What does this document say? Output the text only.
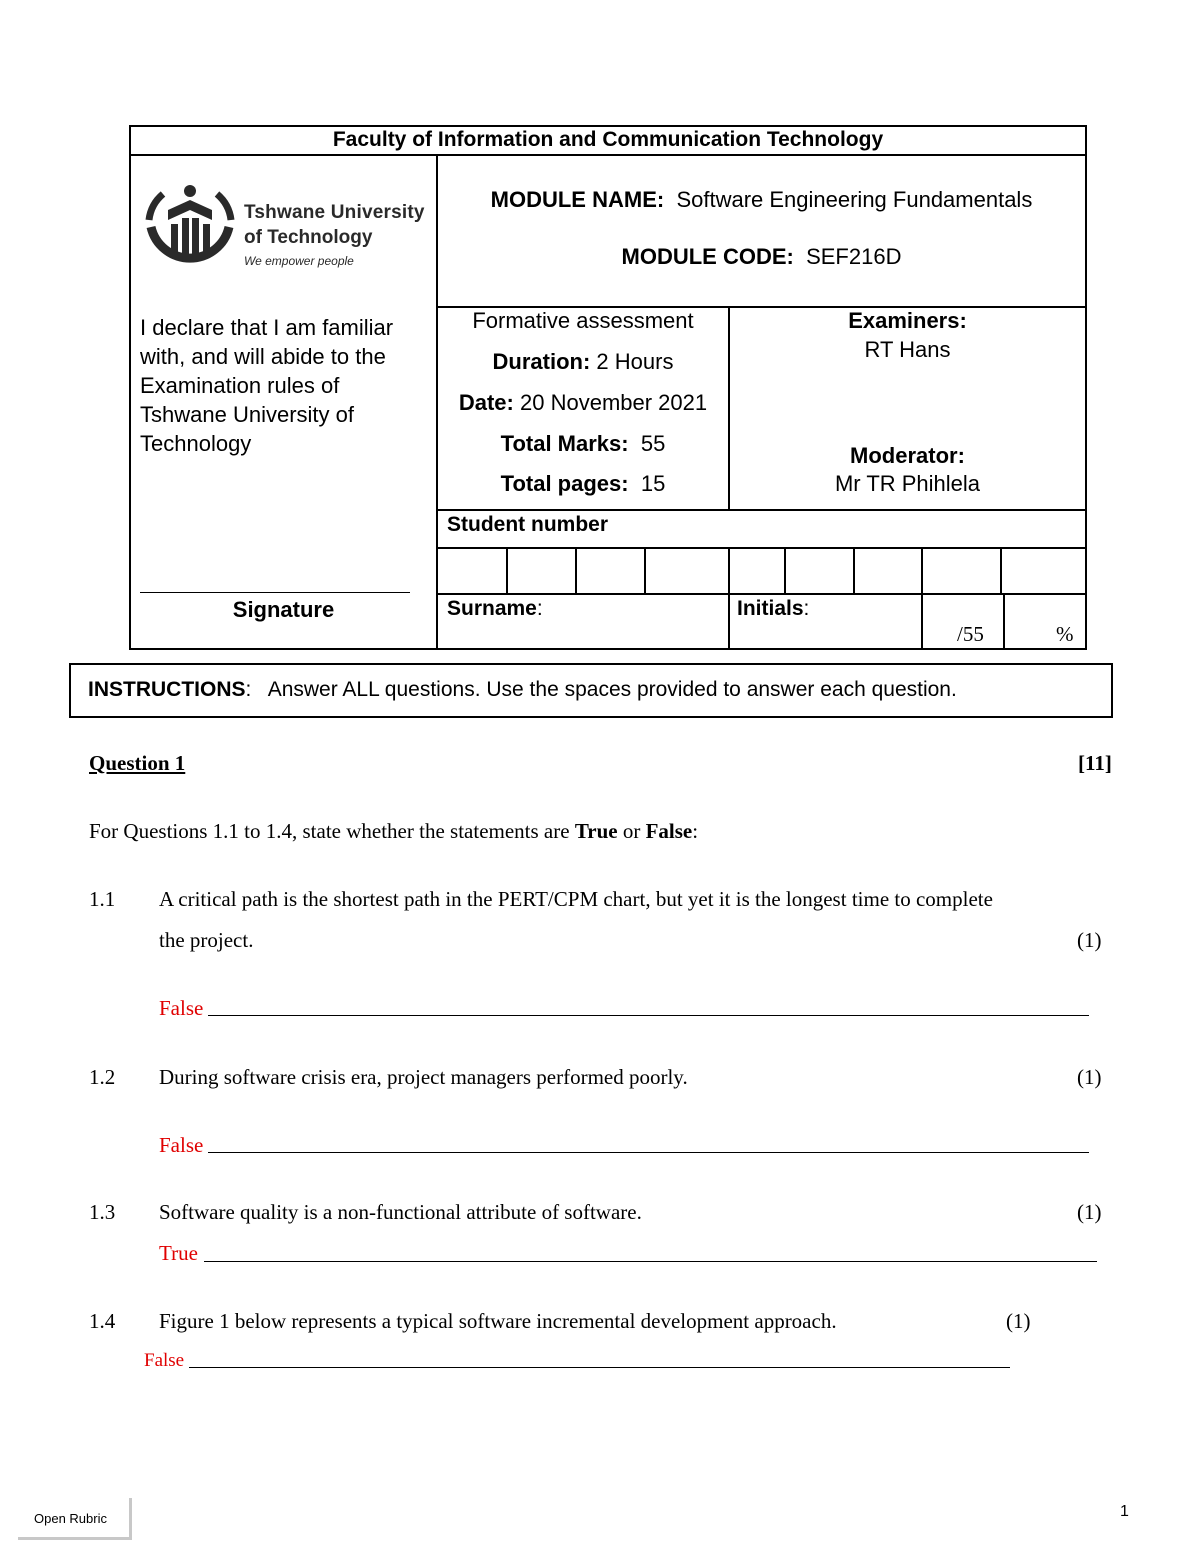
Faculty of Information and Communication Technology
Tshwane University
of Technology
We empower people
MODULE NAME: Software Engineering Fundamentals
MODULE CODE: SEF216D
I declare that I am familiar with, and will abide to the Examination rules of Tshwane University of Technology
Signature
Formative assessment
Duration: 2 Hours
Date: 20 November 2021
Total Marks: 55
Total pages: 15
Examiners:
RT Hans
Moderator:
Mr TR Phihlela
Student number
Surname:	Initials:
/55	%
INSTRUCTIONS:   Answer ALL questions. Use the spaces provided to answer each question.
Question 1	[11]
For Questions 1.1 to 1.4, state whether the statements are True or False:
1.1 A critical path is the shortest path in the PERT/CPM chart, but yet it is the longest time to complete
the project.	(1)
False
1.2 During software crisis era, project managers performed poorly.	(1)
False
1.3 Software quality is a non-functional attribute of software.	(1)
True
1.4 Figure 1 below represents a typical software incremental development approach.	(1)
False
Open Rubric	1
